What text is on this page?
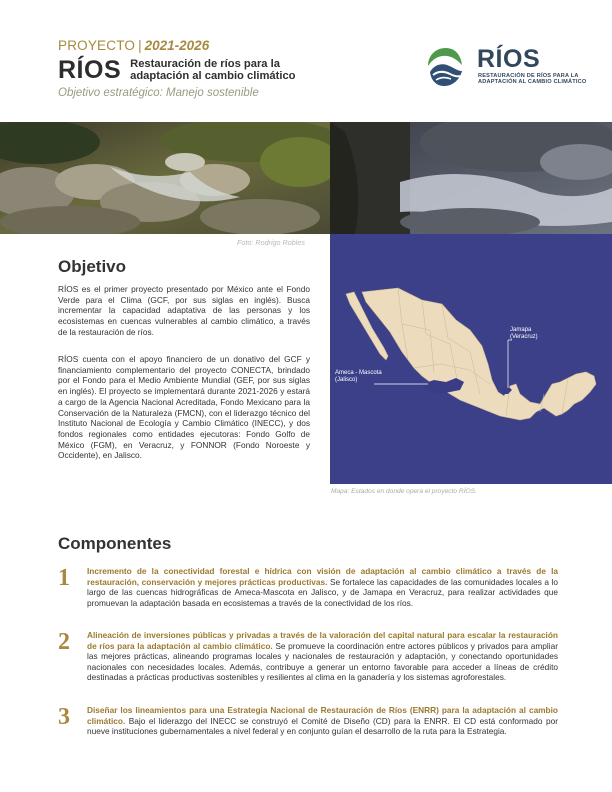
PROYECTO | 2021-2026
RÍOS Restauración de ríos para la adaptación al cambio climático
Objetivo estratégico: Manejo sostenible
RÍOS
RESTAURACIÓN DE RÍOS PARA LA ADAPTACIÓN AL CAMBIO CLIMÁTICO
Foto: Rodrigo Robles
Objetivo
RÍOS es el primer proyecto presentado por México ante el Fondo Verde para el Clima (GCF, por sus siglas en inglés). Busca incrementar la capacidad adaptativa de las personas y los ecosistemas en cuencas vulnerables al cambio climático, a través de la restauración de ríos.
RÍOS cuenta con el apoyo financiero de un donativo del GCF y financiamiento complementario del proyecto CONECTA, brindado por el Fondo para el Medio Ambiente Mundial (GEF, por sus siglas en inglés). El proyecto se implementará durante 2021-2026 y estará a cargo de la Agencia Nacional Acreditada, Fondo Mexicano para la Conservación de la Naturaleza (FMCN), con el liderazgo técnico del Instituto Nacional de Ecología y Cambio Climático (INECC), y dos fondos regionales como entidades ejecutoras: Fondo Golfo de México (FGM), en Veracruz, y FONNOR (Fondo Noroeste y Occidente), en Jalisco.
Jamapa
(Veracruz)
Ameca - Mascota
(Jalisco)
Mapa: Estados en donde opera el proyecto RÍOS.
Componentes
1 Incremento de la conectividad forestal e hídrica con visión de adaptación al cambio climático a través de la restauración, conservación y mejores prácticas productivas. Se fortalece las capacidades de las comunidades locales a lo largo de las cuencas hidrográficas de Ameca-Mascota en Jalisco, y de Jamapa en Veracruz, para realizar actividades que promuevan la adaptación basada en ecosistemas a través de la conectividad de los ríos.
2 Alineación de inversiones públicas y privadas a través de la valoración del capital natural para escalar la restauración de ríos para la adaptación al cambio climático. Se promueve la coordinación entre actores públicos y privados para ampliar las mejores prácticas, alineando programas locales y nacionales de restauración y adaptación, y conectando oportunidades nacionales con necesidades locales. Además, contribuye a generar un entorno favorable para acceder a líneas de crédito destinadas a prácticas productivas sostenibles y resilientes al clima en la ganadería y los sistemas agroforestales.
3 Diseñar los lineamientos para una Estrategia Nacional de Restauración de Ríos (ENRR) para la adaptación al cambio climático. Bajo el liderazgo del INECC se construyó el Comité de Diseño (CD) para la ENRR. El CD está conformado por nueve instituciones gubernamentales a nivel federal y en conjunto guían el desarrollo de la ruta para la Estrategia.
